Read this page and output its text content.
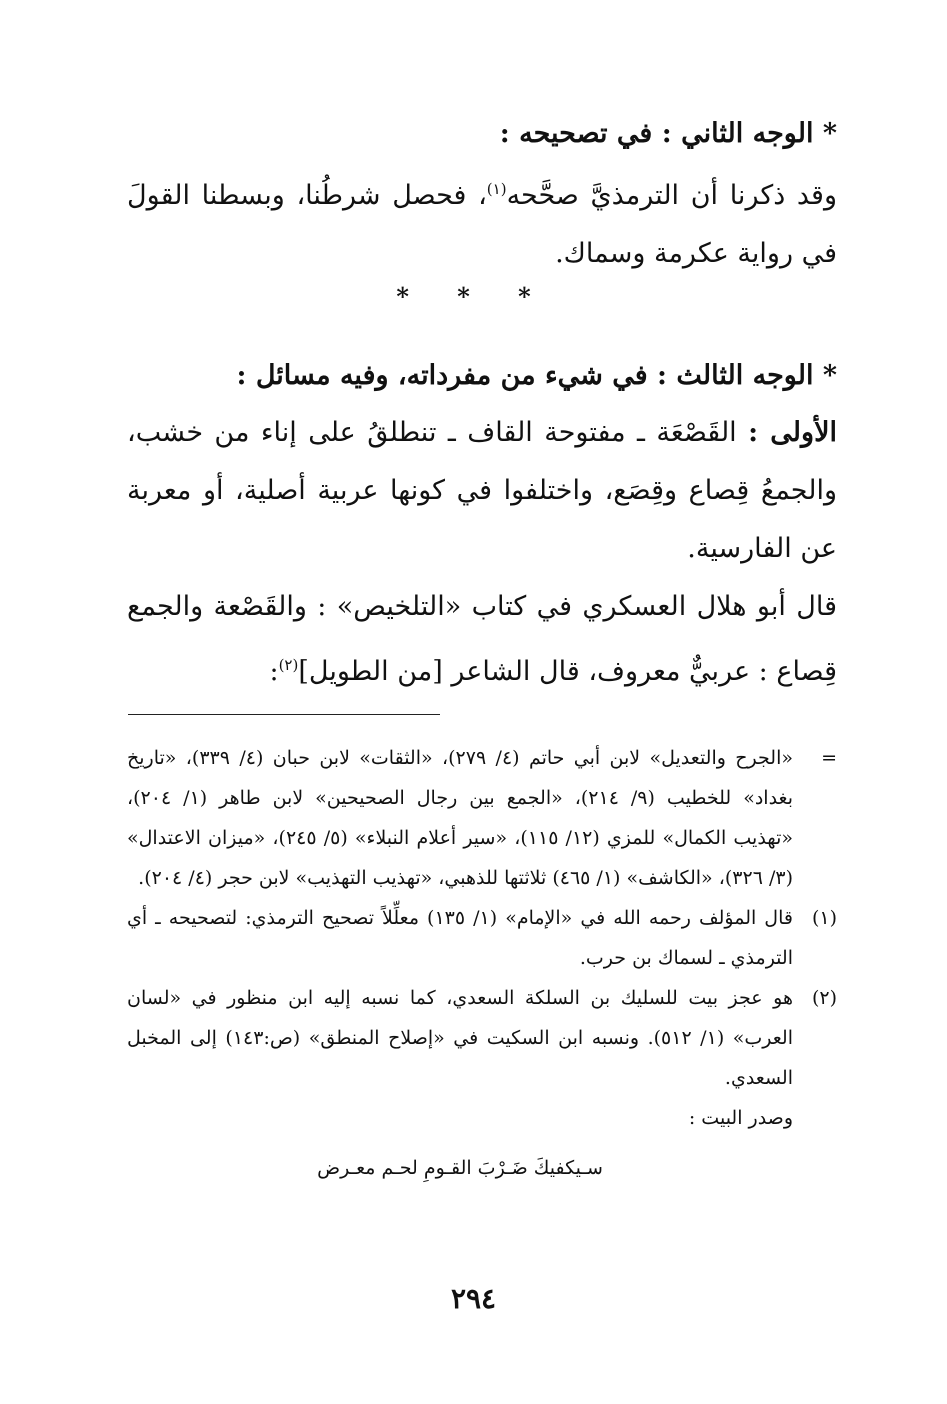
* الوجه الثاني : في تصحيحه :
وقد ذكرنا أن الترمذيَّ صحَّحه$^{(١)}$، فحصل شرطُنا، وبسطنا القولَ في رواية عكرمة وسماك.
* * *
* الوجه الثالث : في شيء من مفرداته، وفيه مسائل :
الأولى : القَصْعَة ـ مفتوحة القاف ـ تنطلقُ على إناء من خشب، والجمعُ قِصاع وقِصَع، واختلفوا في كونها عربية أصلية، أو معربة عن الفارسية.
قال أبو هلال العسكري في كتاب «التلخيص» : والقَصْعة والجمع قِصاع : عربيٌّ معروف، قال الشاعر [من الطويل]$^{(٢)}$:
=
«الجرح والتعديل» لابن أبي حاتم (٤/ ٢٧٩)، «الثقات» لابن حبان (٤/ ٣٣٩)، «تاريخ بغداد» للخطيب (٩/ ٢١٤)، «الجمع بين رجال الصحيحين» لابن طاهر (١/ ٢٠٤)، «تهذيب الكمال» للمزي (١٢/ ١١٥)، «سير أعلام النبلاء» (٥/ ٢٤٥)، «ميزان الاعتدال» (٣/ ٣٢٦)، «الكاشف» (١/ ٤٦٥) ثلاثتها للذهبي، «تهذيب التهذيب» لابن حجر (٤/ ٢٠٤).
(١)
قال المؤلف رحمه الله في «الإمام» (١/ ١٣٥) معلِّلاً تصحيح الترمذي: لتصحيحه ـ أي الترمذي ـ لسماك بن حرب.
(٢)
هو عجز بيت للسليك بن السلكة السعدي، كما نسبه إليه ابن منظور في «لسان العرب» (١/ ٥١٢). ونسبه ابن السكيت في «إصلاح المنطق» (ص:١٤٣) إلى المخبل السعدي.
وصدر البيت :
سـيكفيكَ ضَـرْبَ القـومِ لحـم معـرض
٢٩٤
